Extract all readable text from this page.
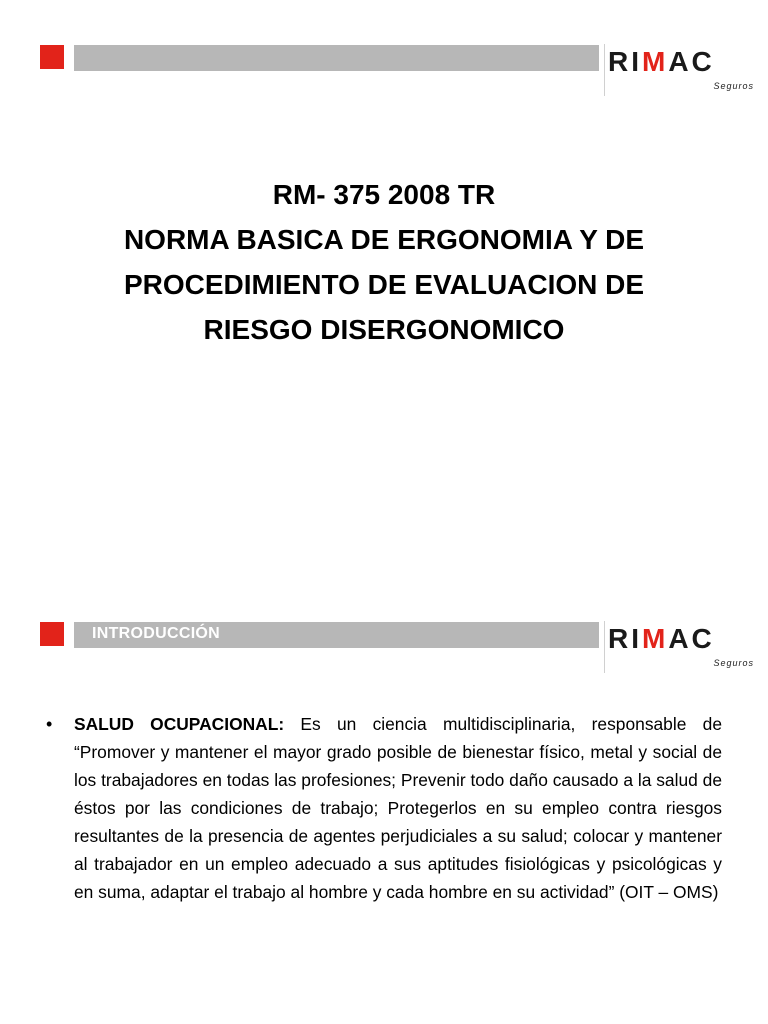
RI M AC
Seguros
RM- 375 2008 TR
NORMA BASICA DE ERGONOMIA Y DE
PROCEDIMIENTO DE EVALUACION DE
RIESGO DISERGONOMICO
INTRODUCCIÓN	RI M AC
Seguros
•	SALUD OCUPACIONAL: Es un ciencia multidisciplinaria, responsable de “Promover y mantener el mayor grado posible de bienestar físico, metal y social de los trabajadores en todas las profesiones; Prevenir todo daño causado a la salud de éstos por las condiciones de trabajo; Protegerlos en su empleo contra riesgos resultantes de la presencia de agentes perjudiciales a su salud; colocar y mantener al trabajador en un empleo adecuado a sus aptitudes fisiológicas y psicológicas y en suma, adaptar el trabajo al hombre y cada hombre en su actividad” (OIT – OMS)
